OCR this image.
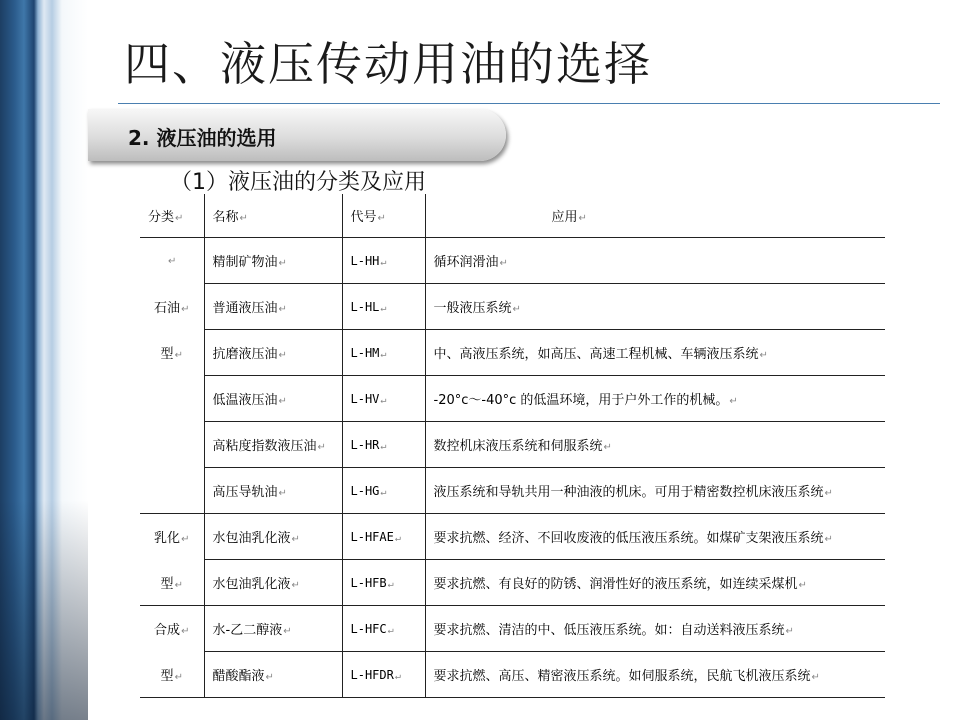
四、液压传动用油的选择
2. 液压油的选用
（1）液压油的分类及应用
分类↵	名称↵	代号↵	应用↵
↵	精制矿物油↵	L-HH↵	循环润滑油↵
石油↵	普通液压油↵	L-HL↵	一般液压系统↵
型↵	抗磨液压油↵	L-HM↵	中、高液压系统，如高压、高速工程机械、车辆液压系统↵
	低温液压油↵	L-HV↵	-20°c～-40°c 的低温环境，用于户外工作的机械。↵
	高粘度指数液压油↵	L-HR↵	数控机床液压系统和伺服系统↵
	高压导轨油↵	L-HG↵	液压系统和导轨共用一种油液的机床。可用于精密数控机床液压系统↵
乳化↵	水包油乳化液↵	L-HFAE↵	要求抗燃、经济、不回收废液的低压液压系统。如煤矿支架液压系统↵
型↵	水包油乳化液↵	L-HFB↵	要求抗燃、有良好的防锈、润滑性好的液压系统，如连续采煤机↵
合成↵	水-乙二醇液↵	L-HFC↵	要求抗燃、清洁的中、低压液压系统。如：自动送料液压系统↵
型↵	醋酸酯液↵	L-HFDR↵	要求抗燃、高压、精密液压系统。如伺服系统，民航飞机液压系统↵
